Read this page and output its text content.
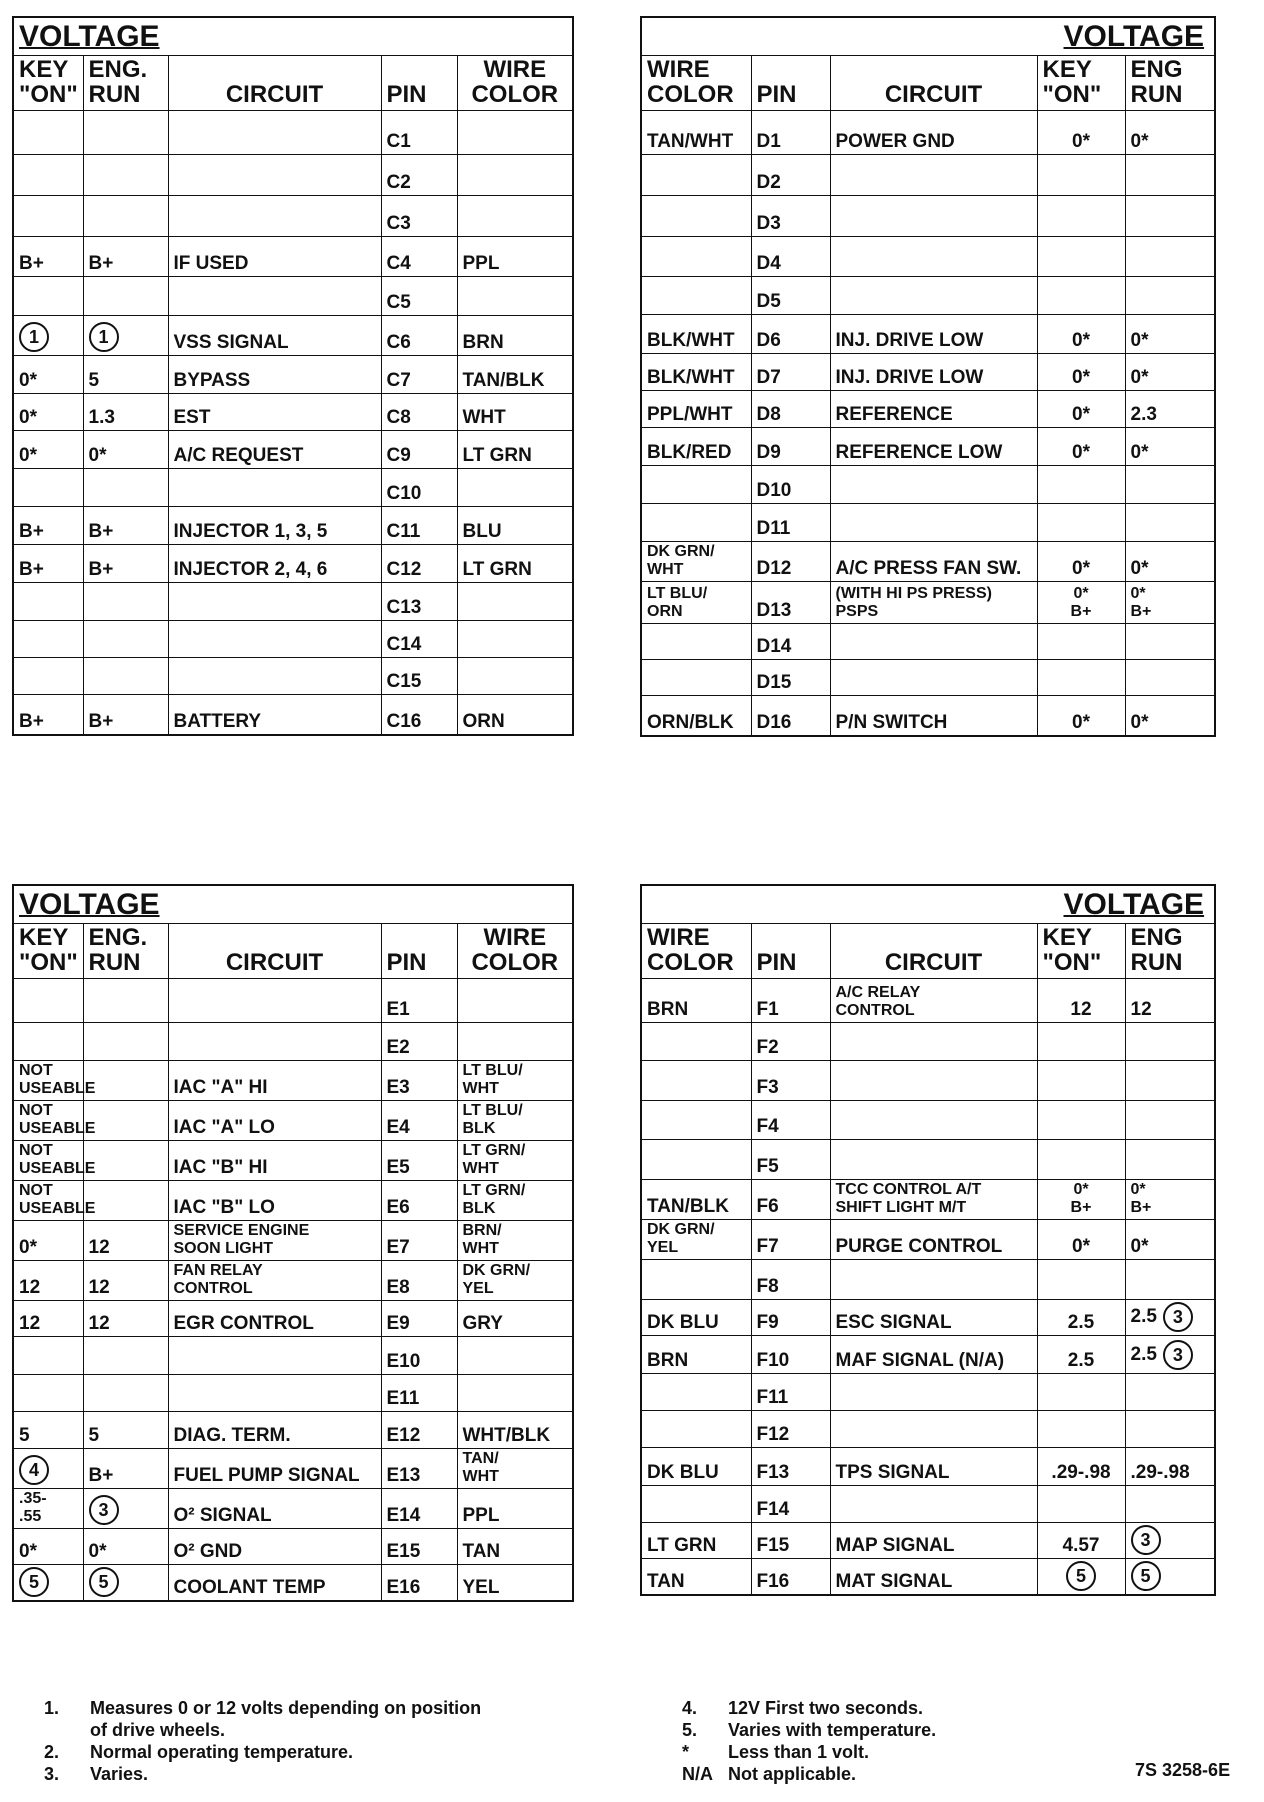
VOLTAGE				
KEY
"ON"	ENG.
RUN	CIRCUIT	PIN	WIRE
COLOR
			C1	
			C2	
			C3	
B+	B+	IF USED	C4	PPL
			C5	
1	1	VSS SIGNAL	C6	BRN
0*	5	BYPASS	C7	TAN/BLK
0*	1.3	EST	C8	WHT
0*	0*	A/C REQUEST	C9	LT GRN
			C10	
B+	B+	INJECTOR 1, 3, 5	C11	BLU
B+	B+	INJECTOR 2, 4, 6	C12	LT GRN
			C13	
			C14	
			C15	
B+	B+	BATTERY	C16	ORN
VOLTAGE				
WIRE
COLOR	PIN	CIRCUIT	KEY
"ON"	ENG
RUN
TAN/WHT	D1	POWER GND	0*	0*
	D2			
	D3			
	D4			
	D5			
BLK/WHT	D6	INJ. DRIVE LOW	0*	0*
BLK/WHT	D7	INJ. DRIVE LOW	0*	0*
PPL/WHT	D8	REFERENCE	0*	2.3
BLK/RED	D9	REFERENCE LOW	0*	0*
	D10			
	D11			
DK GRN/
WHT	D12	A/C PRESS FAN SW.	0*	0*
LT BLU/
ORN	D13	(WITH HI PS PRESS)
PSPS	0*
B+	0*
B+
	D14			
	D15			
ORN/BLK	D16	P/N SWITCH	0*	0*
VOLTAGE				
KEY
"ON"	ENG.
RUN	CIRCUIT	PIN	WIRE
COLOR
			E1	
			E2	
NOT
USEABLE		IAC "A" HI	E3	LT BLU/
WHT
NOT
USEABLE		IAC "A" LO	E4	LT BLU/
BLK
NOT
USEABLE		IAC "B" HI	E5	LT GRN/
WHT
NOT
USEABLE		IAC "B" LO	E6	LT GRN/
BLK
0*	12	SERVICE ENGINE
SOON LIGHT	E7	BRN/
WHT
12	12	FAN RELAY
CONTROL	E8	DK GRN/
YEL
12	12	EGR CONTROL	E9	GRY
			E10	
			E11	
5	5	DIAG. TERM.	E12	WHT/BLK
4	B+	FUEL PUMP SIGNAL	E13	TAN/
WHT
.35-
.55	3	O² SIGNAL	E14	PPL
0*	0*	O² GND	E15	TAN
5	5	COOLANT TEMP	E16	YEL
VOLTAGE				
WIRE
COLOR	PIN	CIRCUIT	KEY
"ON"	ENG
RUN
BRN	F1	A/C RELAY
CONTROL	12	12
	F2			
	F3			
	F4			
	F5			
TAN/BLK	F6	TCC CONTROL A/T
SHIFT LIGHT M/T	0*
B+	0*
B+
DK GRN/
YEL	F7	PURGE CONTROL	0*	0*
	F8			
DK BLU	F9	ESC SIGNAL	2.5	2.5 3
BRN	F10	MAF SIGNAL (N/A)	2.5	2.5 3
	F11			
	F12			
DK BLU	F13	TPS SIGNAL	.29-.98	.29-.98
	F14			
LT GRN	F15	MAP SIGNAL	4.57	3
TAN	F16	MAT SIGNAL	5	5
1.	Measures 0 or 12 volts depending on position of drive wheels.
2.	Normal operating temperature.
3.	Varies.
4.	12V First two seconds.
5.	Varies with temperature.
*	Less than 1 volt.
N/A Not applicable.	7S 3258-6E
